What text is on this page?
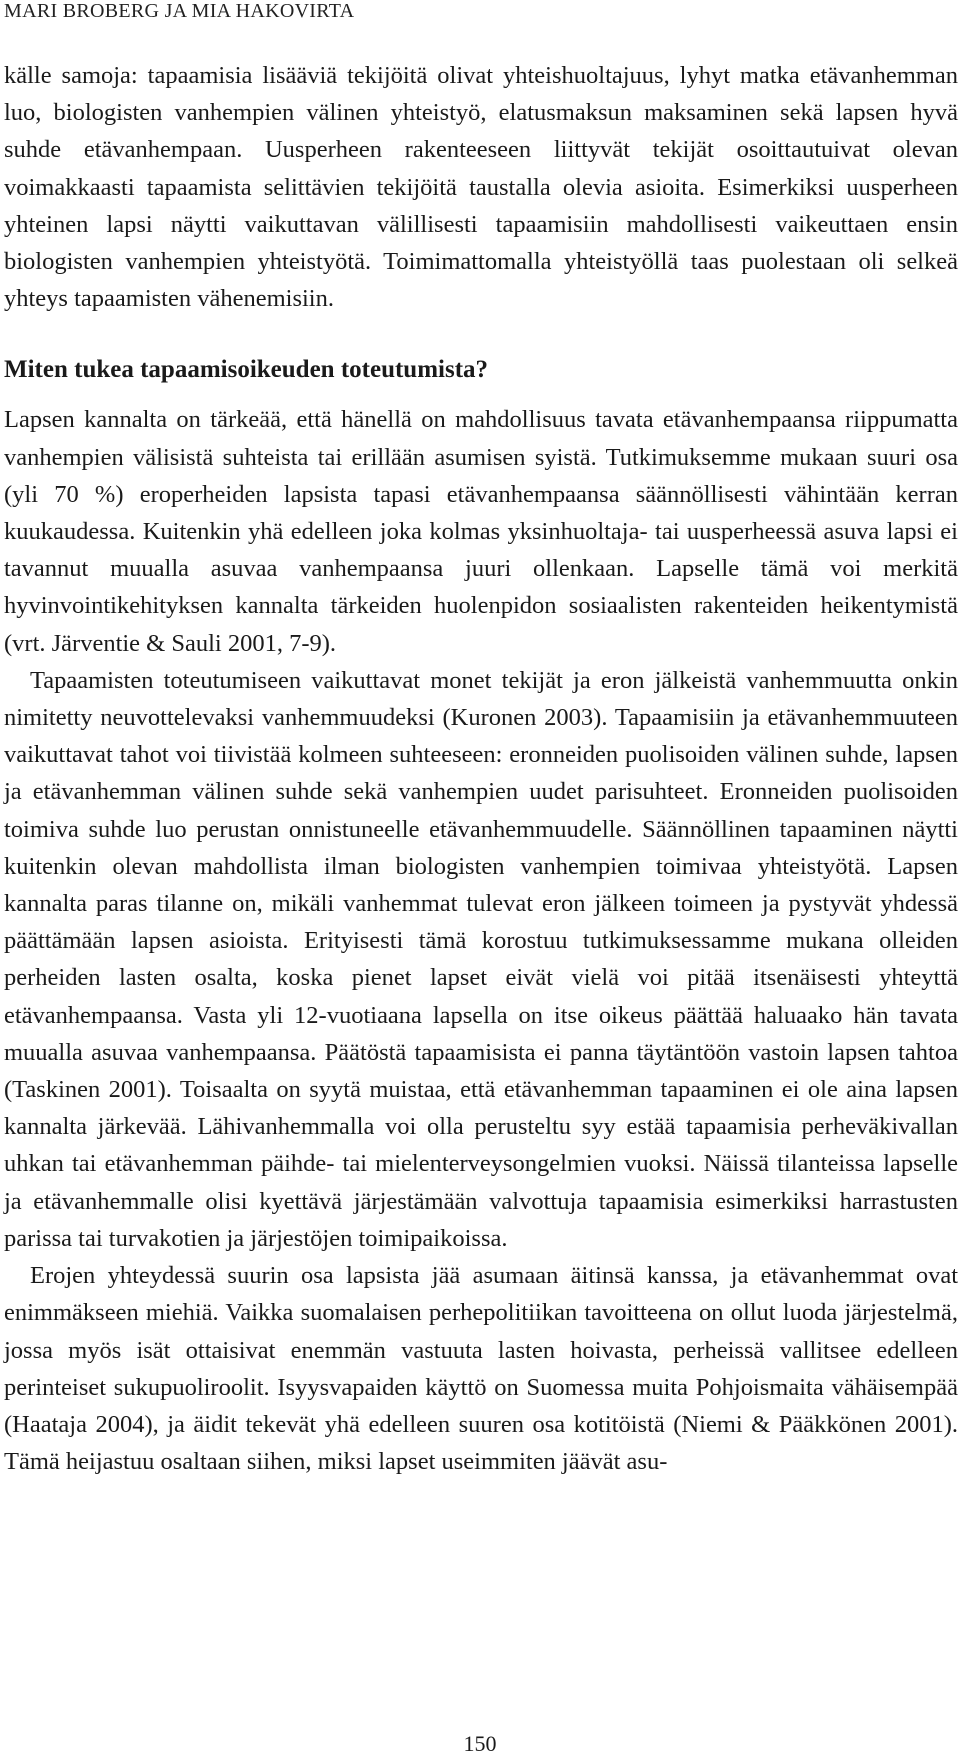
MARI BROBERG JA MIA HAKOVIRTA

källe samoja: tapaamisia lisääviä tekijöitä olivat yhteishuoltajuus, lyhyt matka etävanhemman luo, biologisten vanhempien välinen yhteistyö, elatusmaksun maksaminen sekä lapsen hyvä suhde etävanhempaan. Uusperheen rakenteeseen liittyvät tekijät osoittautuivat olevan voimakkaasti tapaamista selittävien tekijöitä taustalla olevia asioita. Esimerkiksi uusperheen yhteinen lapsi näytti vaikuttavan välillisesti tapaamisiin mahdollisesti vaikeuttaen ensin biologisten vanhempien yhteistyötä. Toimimattomalla yhteistyöllä taas puolestaan oli selkeä yhteys tapaamisten vähenemisiin.

Miten tukea tapaamisoikeuden toteutumista?

Lapsen kannalta on tärkeää, että hänellä on mahdollisuus tavata etävanhempaansa riippumatta vanhempien välisistä suhteista tai erillään asumisen syistä. Tutkimuksemme mukaan suuri osa (yli 70 %) eroperheiden lapsista tapasi etävanhempaansa säännöllisesti vähintään kerran kuukaudessa. Kuitenkin yhä edelleen joka kolmas yksinhuoltaja- tai uusperheessä asuva lapsi ei tavannut muualla asuvaa vanhempaansa juuri ollenkaan. Lapselle tämä voi merkitä hyvinvointikehityksen kannalta tärkeiden huolenpidon sosiaalisten rakenteiden heikentymistä (vrt. Järventie & Sauli 2001, 7-9).

Tapaamisten toteutumiseen vaikuttavat monet tekijät ja eron jälkeistä vanhemmuutta onkin nimitetty neuvottelevaksi vanhemmuudeksi (Kuronen 2003). Tapaamisiin ja etävanhemmuuteen vaikuttavat tahot voi tiivistää kolmeen suhteeseen: eronneiden puolisoiden välinen suhde, lapsen ja etävanhemman välinen suhde sekä vanhempien uudet parisuhteet. Eronneiden puolisoiden toimiva suhde luo perustan onnistuneelle etävanhemmuudelle. Säännöllinen tapaaminen näytti kuitenkin olevan mahdollista ilman biologisten vanhempien toimivaa yhteistyötä. Lapsen kannalta paras tilanne on, mikäli vanhemmat tulevat eron jälkeen toimeen ja pystyvät yhdessä päättämään lapsen asioista. Erityisesti tämä korostuu tutkimuksessamme mukana olleiden perheiden lasten osalta, koska pienet lapset eivät vielä voi pitää itsenäisesti yhteyttä etävanhempaansa. Vasta yli 12-vuotiaana lapsella on itse oikeus päättää haluaako hän tavata muualla asuvaa vanhempaansa. Päätöstä tapaamisista ei panna täytäntöön vastoin lapsen tahtoa (Taskinen 2001). Toisaalta on syytä muistaa, että etävanhemman tapaaminen ei ole aina lapsen kannalta järkevää. Lähivanhemmalla voi olla perusteltu syy estää tapaamisia perheväkivallan uhkan tai etävanhemman päihde- tai mielenterveysongelmien vuoksi. Näissä tilanteissa lapselle ja etävanhemmalle olisi kyettävä järjestämään valvottuja tapaamisia esimerkiksi harrastusten parissa tai turvakotien ja järjestöjen toimipaikoissa.

Erojen yhteydessä suurin osa lapsista jää asumaan äitinsä kanssa, ja etävanhemmat ovat enimmäkseen miehiä. Vaikka suomalaisen perhepolitiikan tavoitteena on ollut luoda järjestelmä, jossa myös isät ottaisivat enemmän vastuuta lasten hoivasta, perheissä vallitsee edelleen perinteiset sukupuoliroolit. Isyysvapaiden käyttö on Suomessa muita Pohjoismaita vähäisempää (Haataja 2004), ja äidit tekevät yhä edelleen suuren osa kotitöistä (Niemi & Pääkkönen 2001). Tämä heijastuu osaltaan siihen, miksi lapset useimmiten jäävät asu-

150
